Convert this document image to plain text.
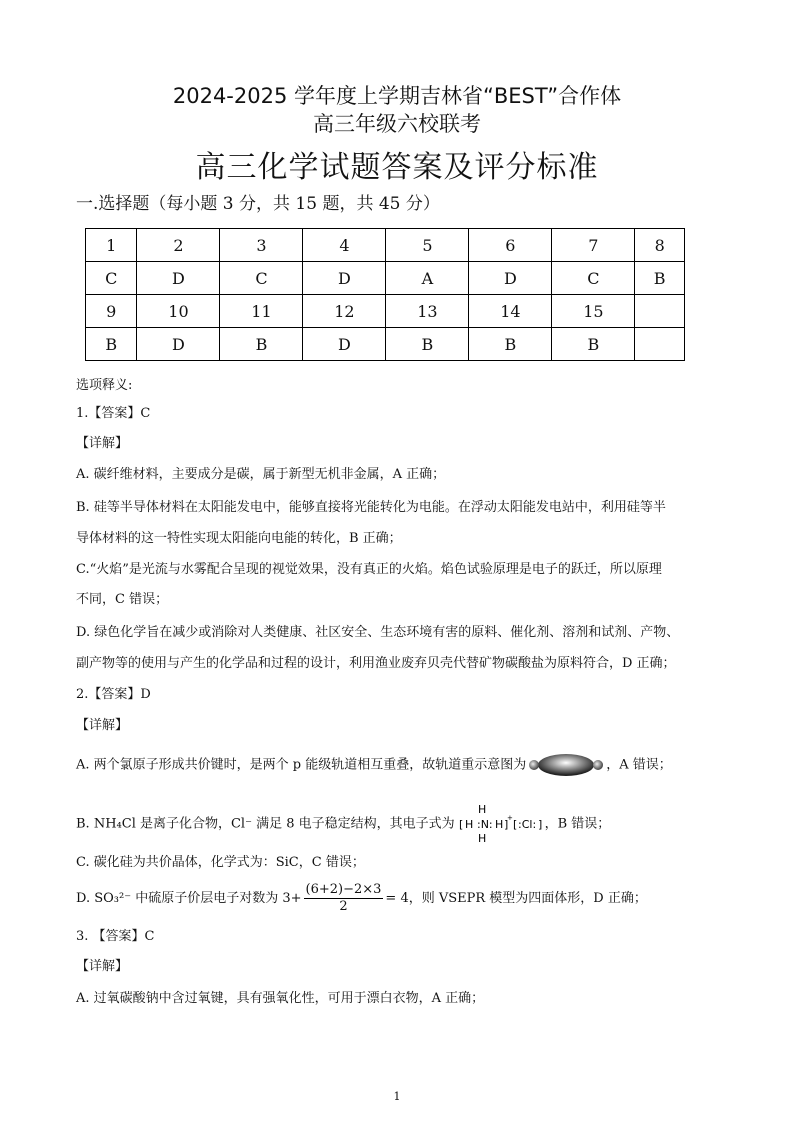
2024-2025 学年度上学期吉林省“BEST”合作体
高三年级六校联考
高三化学试题答案及评分标准
一.选择题（每小题 3 分，共 15 题，共 45 分）
1	2	3	4	5	6	7	8
C	D	C	D	A	D	C	B
9	10	11	12	13	14	15	
B	D	B	D	B	B	B	
选项释义:
1.【答案】C
【详解】
A. 碳纤维材料，主要成分是碳，属于新型无机非金属，A 正确；
B. 硅等半导体材料在太阳能发电中，能够直接将光能转化为电能。在浮动太阳能发电站中，利用硅等半
导体材料的这一特性实现太阳能向电能的转化，B 正确；
C.“火焰”是光流与水雾配合呈现的视觉效果，没有真正的火焰。焰色试验原理是电子的跃迁，所以原理
不同，C 错误；
D. 绿色化学旨在减少或消除对人类健康、社区安全、生态环境有害的原料、催化剂、溶剂和试剂、产物、
副产物等的使用与产生的化学品和过程的设计，利用渔业废弃贝壳代替矿物碳酸盐为原料符合，D 正确；
2.【答案】D
【详解】
A. 两个氯原子形成共价键时，是两个 p 能级轨道相互重叠，故轨道重示意图为	，A 错误；
B. NH₄Cl 是离子化合物，Cl⁻ 满足 8 电子稳定结构，其电子式为 [ H
H
:N:
H
H ]
+ [ :Cl: ] ，B 错误；
C. 碳化硅为共价晶体，化学式为：SiC，C 错误；
D. SO₃²⁻ 中硫原子价层电子对数为 $3+ \frac{(6+2)-2\times 3}{2} = 4$，则 VSEPR 模型为四面体形，D 正确；
3. 【答案】C
【详解】
A. 过氧碳酸钠中含过氧键，具有强氧化性，可用于漂白衣物，A 正确；
1
